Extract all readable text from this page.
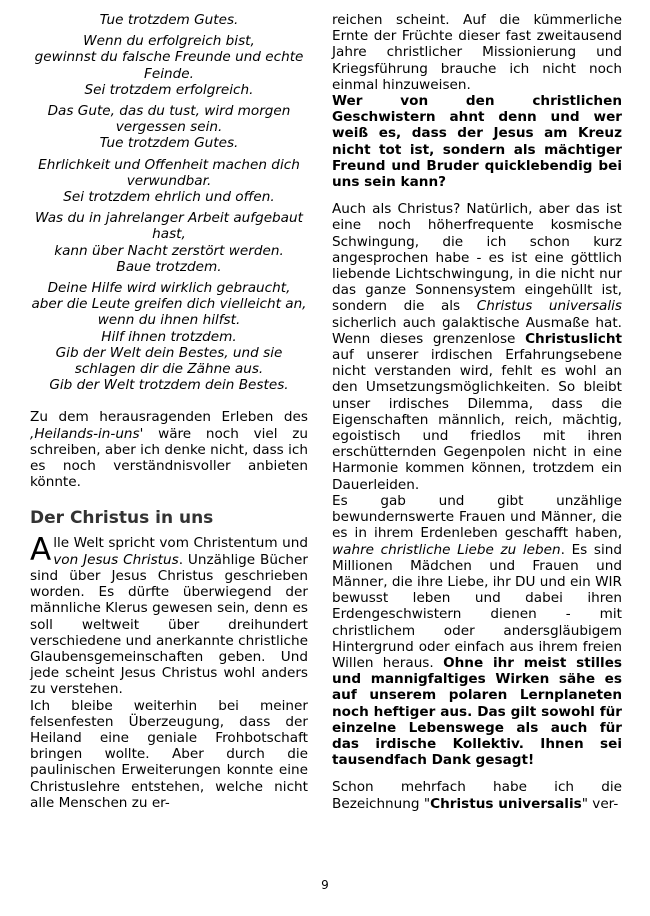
Tue trotzdem Gutes.

Wenn du erfolgreich bist,
gewinnst du falsche Freunde und echte Feinde.
Sei trotzdem erfolgreich.

Das Gute, das du tust, wird morgen vergessen sein.
Tue trotzdem Gutes.

Ehrlichkeit und Offenheit machen dich verwundbar.
Sei trotzdem ehrlich und offen.

Was du in jahrelanger Arbeit aufgebaut hast,
kann über Nacht zerstört werden.
Baue trotzdem.

Deine Hilfe wird wirklich gebraucht, aber die Leute greifen dich vielleicht an, wenn du ihnen hilfst.
Hilf ihnen trotzdem.
Gib der Welt dein Bestes, und sie schlagen dir die Zähne aus.
Gib der Welt trotzdem dein Bestes.

Zu dem herausragenden Erleben des ‚Heilands-in-uns' wäre noch viel zu schreiben, aber ich denke nicht, dass ich es noch verständnisvoller anbieten könnte.

Der Christus in uns

Alle Welt spricht vom Christentum und von Jesus Christus. Unzählige Bücher sind über Jesus Christus geschrieben worden. Es dürfte überwiegend der männliche Klerus gewesen sein, denn es soll weltweit über dreihundert verschiedene und anerkannte christliche Glaubensgemeinschaften geben. Und jede scheint Jesus Christus wohl anders zu verstehen.

Ich bleibe weiterhin bei meiner felsenfesten Überzeugung, dass der Heiland eine geniale Frohbotschaft bringen wollte. Aber durch die paulinischen Erweiterungen konnte eine Christuslehre entstehen, welche nicht alle Menschen zu er-

reichen scheint. Auf die kümmerliche Ernte der Früchte dieser fast zweitausend Jahre christlicher Missionierung und Kriegsführung brauche ich nicht noch einmal hinzuweisen.

Wer von den christlichen Geschwistern ahnt denn und wer weiß es, dass der Jesus am Kreuz nicht tot ist, sondern als mächtiger Freund und Bruder quicklebendig bei uns sein kann?

Auch als Christus? Natürlich, aber das ist eine noch höherfrequente kosmische Schwingung, die ich schon kurz angesprochen habe - es ist eine göttlich liebende Lichtschwingung, in die nicht nur das ganze Sonnensystem eingehüllt ist, sondern die als Christus universalis sicherlich auch galaktische Ausmaße hat. Wenn dieses grenzenlose Christuslicht auf unserer irdischen Erfahrungsebene nicht verstanden wird, fehlt es wohl an den Umsetzungsmöglichkeiten. So bleibt unser irdisches Dilemma, dass die Eigenschaften männlich, reich, mächtig, egoistisch und friedlos mit ihren erschütternden Gegenpolen nicht in eine Harmonie kommen können, trotzdem ein Dauerleiden.

Es gab und gibt unzählige bewundernswerte Frauen und Männer, die es in ihrem Erdenleben geschafft haben, wahre christliche Liebe zu leben. Es sind Millionen Mädchen und Frauen und Männer, die ihre Liebe, ihr DU und ein WIR bewusst leben und dabei ihren Erdengeschwistern dienen - mit christlichem oder andersgläubigem Hintergrund oder einfach aus ihrem freien Willen heraus. Ohne ihr meist stilles und mannigfaltiges Wirken sähe es auf unserem polaren Lernplaneten noch heftiger aus. Das gilt sowohl für einzelne Lebenswege als auch für das irdische Kollektiv. Ihnen sei tausendfach Dank gesagt!

Schon mehrfach habe ich die Bezeichnung "Christus universalis" ver-

9
